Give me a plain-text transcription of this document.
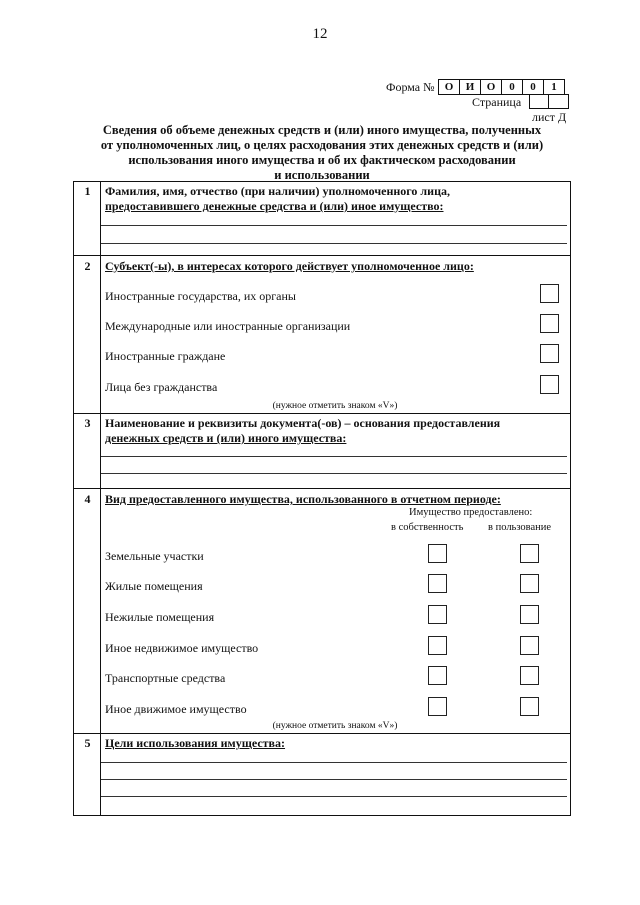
12
Форма № О	И	О	0	0	1
Страница
лист Д
Сведения об объеме денежных средств и (или) иного имущества, полученных
от уполномоченных лиц, о целях расходования этих денежных средств и (или)
использования иного имущества и об их фактическом расходовании
и использовании
1	Фамилия, имя, отчество (при наличии) уполномоченного лица,
предоставившего денежные средства и (или) иное имущество:
2	Субъект(-ы), в интересах которого действует уполномоченное лицо:
Иностранные государства, их органы
Международные или иностранные организации
Иностранные граждане
Лица без гражданства
(нужное отметить знаком «V»)
3	Наименование и реквизиты документа(-ов) – основания предоставления
денежных средств и (или) иного имущества:
4	Вид предоставленного имущества, использованного в отчетном периоде:
Имущество предоставлено:
в собственность в пользование
Земельные участки
Жилые помещения
Нежилые помещения
Иное недвижимое имущество
Транспортные средства
Иное движимое имущество
(нужное отметить знаком «V»)
5	Цели использования имущества:
